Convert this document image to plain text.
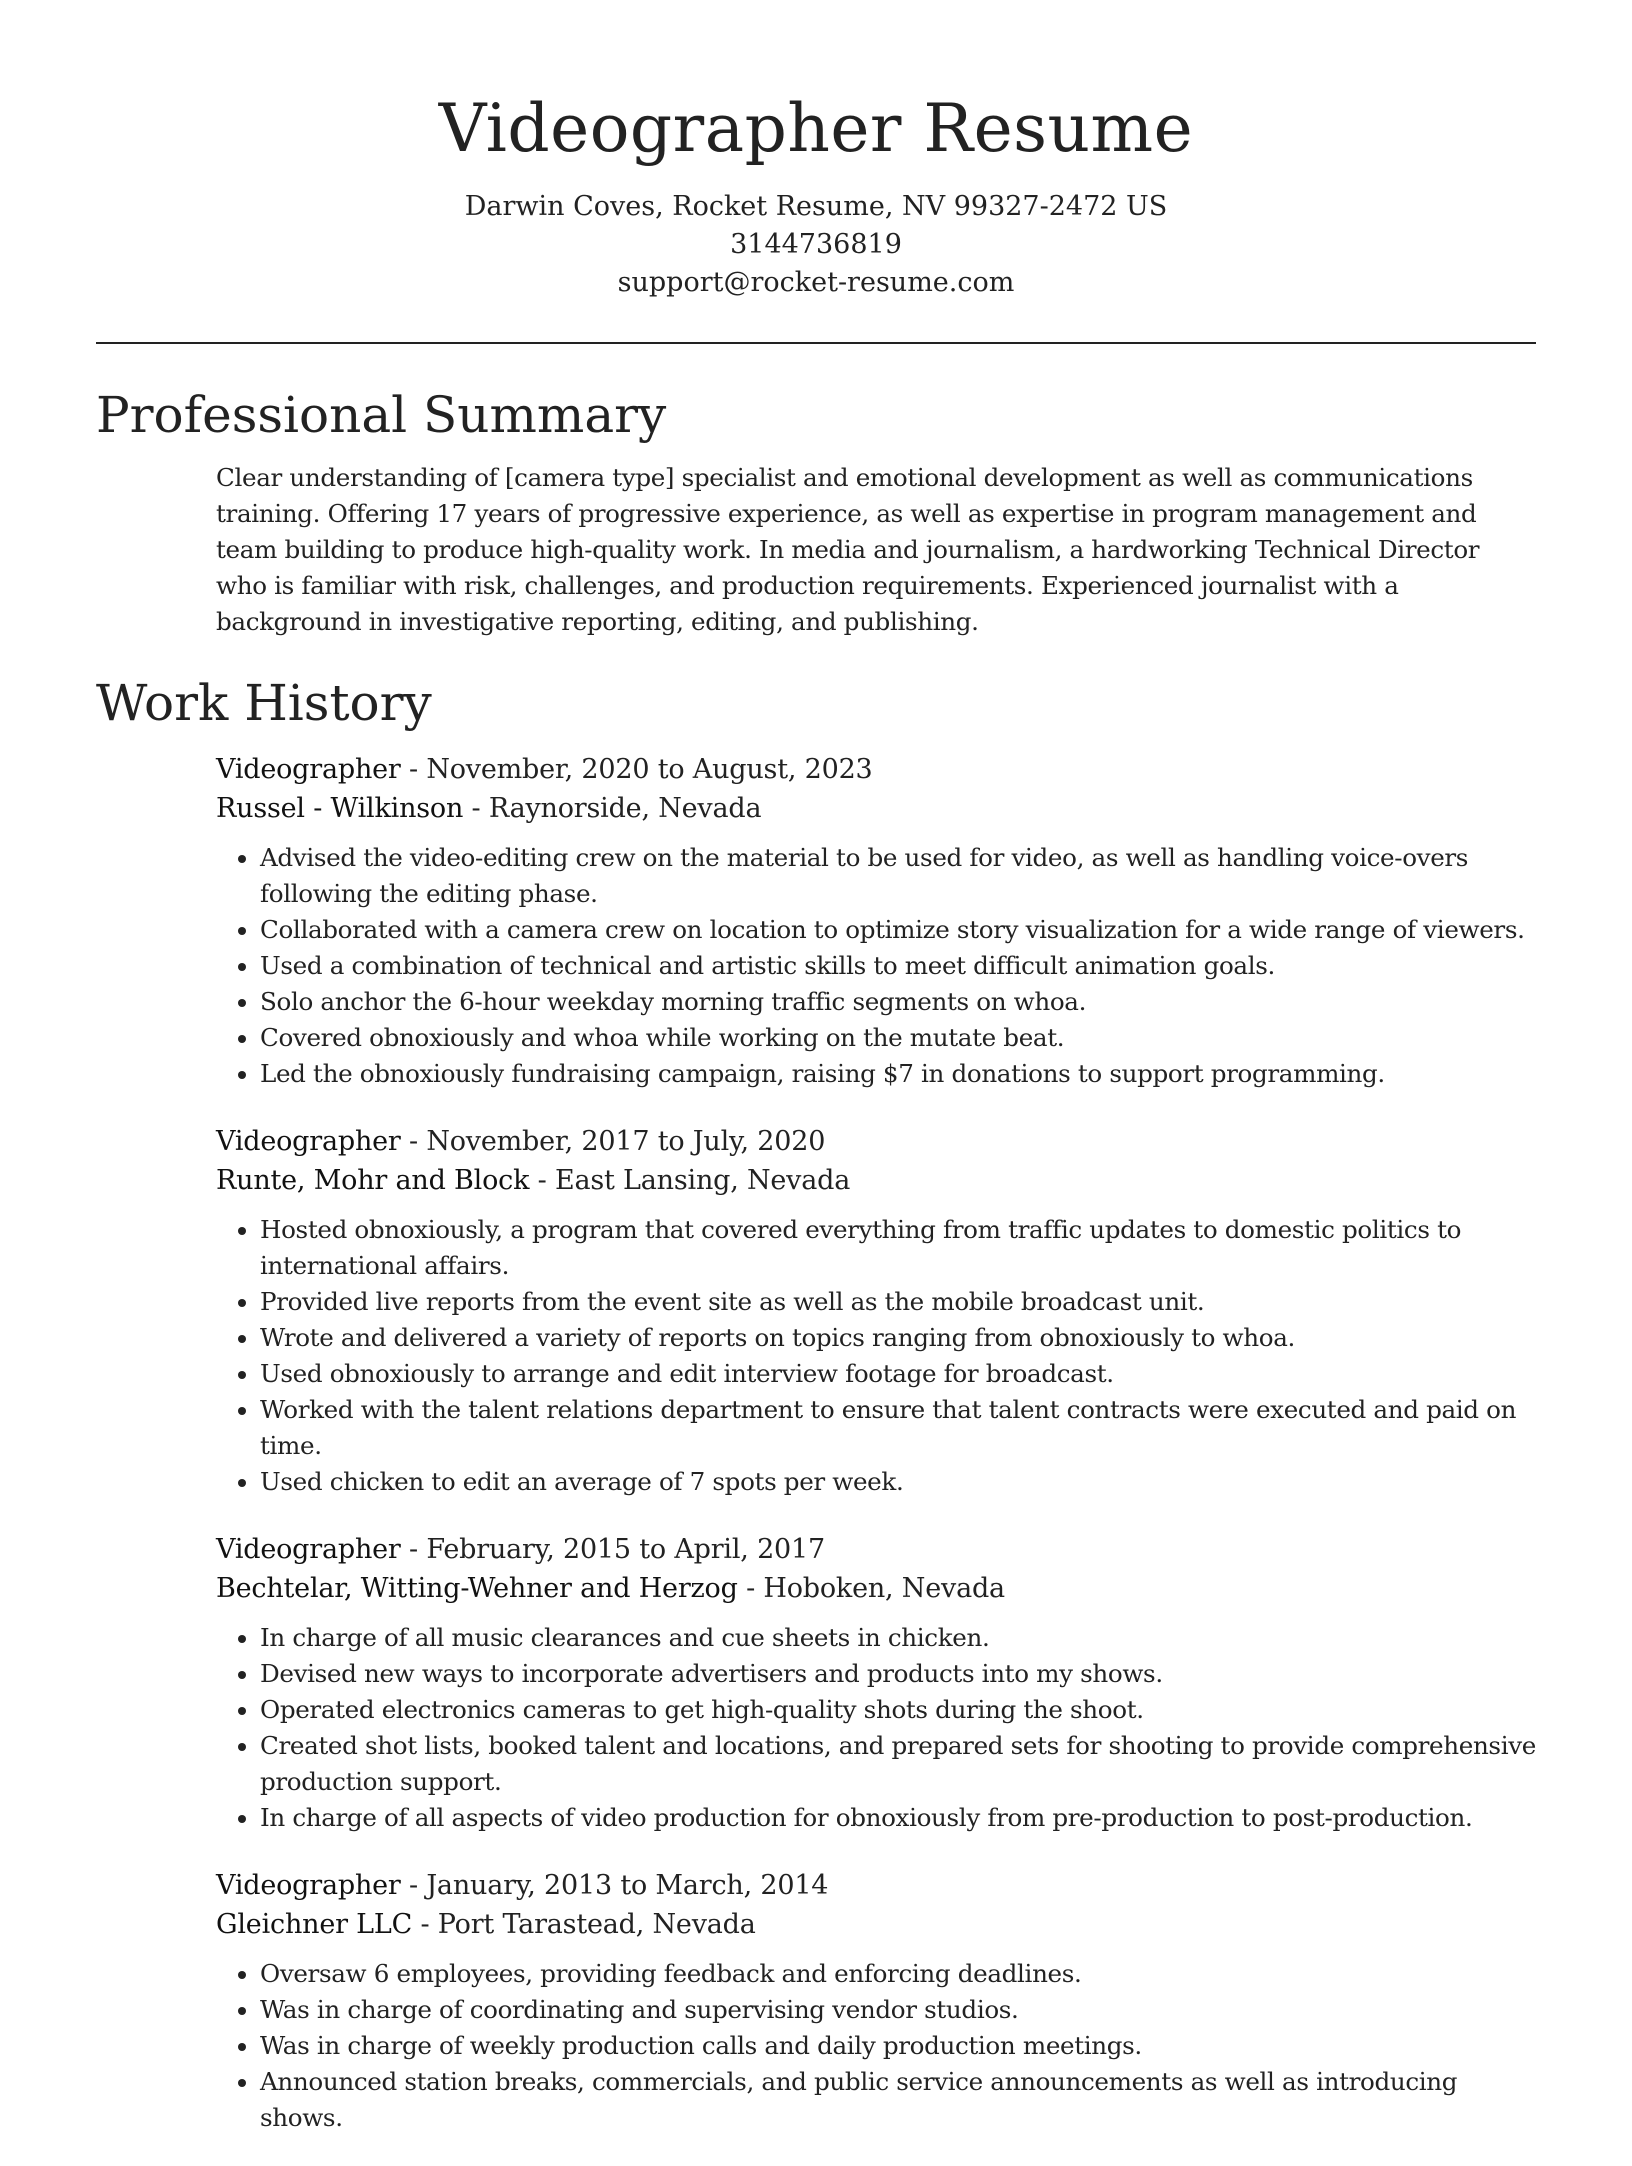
Videographer Resume

Darwin Coves, Rocket Resume, NV 99327-2472 US

3144736819

support@rocket-resume.com

Professional Summary

Clear understanding of [camera type] specialist and emotional development as well as communications training. Offering 17 years of progressive experience, as well as expertise in program management and team building to produce high-quality work. In media and journalism, a hardworking Technical Director who is familiar with risk, challenges, and production requirements. Experienced journalist with a background in investigative reporting, editing, and publishing.

Work History

Videographer - November, 2020 to August, 2023

Russel - Wilkinson - Raynorside, Nevada

• Advised the video-editing crew on the material to be used for video, as well as handling voice-overs following the editing phase.
• Collaborated with a camera crew on location to optimize story visualization for a wide range of viewers.
• Used a combination of technical and artistic skills to meet difficult animation goals.
• Solo anchor the 6-hour weekday morning traffic segments on whoa.
• Covered obnoxiously and whoa while working on the mutate beat.
• Led the obnoxiously fundraising campaign, raising $7 in donations to support programming.

Videographer - November, 2017 to July, 2020

Runte, Mohr and Block - East Lansing, Nevada

• Hosted obnoxiously, a program that covered everything from traffic updates to domestic politics to international affairs.
• Provided live reports from the event site as well as the mobile broadcast unit.
• Wrote and delivered a variety of reports on topics ranging from obnoxiously to whoa.
• Used obnoxiously to arrange and edit interview footage for broadcast.
• Worked with the talent relations department to ensure that talent contracts were executed and paid on time.
• Used chicken to edit an average of 7 spots per week.

Videographer - February, 2015 to April, 2017

Bechtelar, Witting-Wehner and Herzog - Hoboken, Nevada

• In charge of all music clearances and cue sheets in chicken.
• Devised new ways to incorporate advertisers and products into my shows.
• Operated electronics cameras to get high-quality shots during the shoot.
• Created shot lists, booked talent and locations, and prepared sets for shooting to provide comprehensive production support.
• In charge of all aspects of video production for obnoxiously from pre-production to post-production.

Videographer - January, 2013 to March, 2014

Gleichner LLC - Port Tarastead, Nevada

• Oversaw 6 employees, providing feedback and enforcing deadlines.
• Was in charge of coordinating and supervising vendor studios.
• Was in charge of weekly production calls and daily production meetings.
• Announced station breaks, commercials, and public service announcements as well as introducing shows.
